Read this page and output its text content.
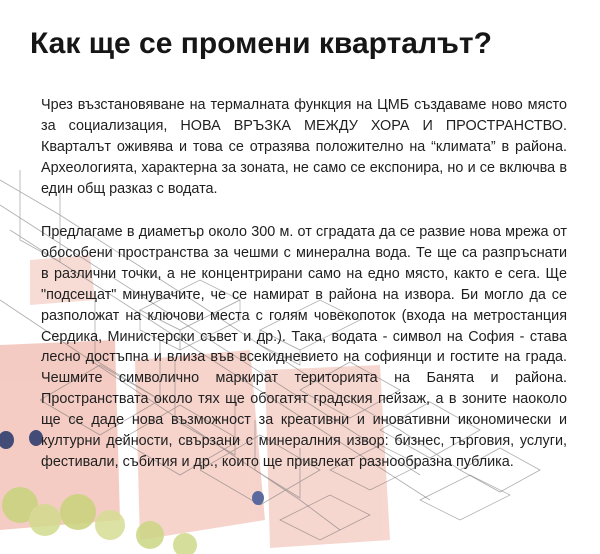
Как ще се промени кварталът?

Чрез възстановяване на термалната функция на ЦМБ създаваме ново място за социализация, НОВА ВРЪЗКА МЕЖДУ ХОРА И ПРОСТРАНСТВО. Кварталът оживява и това се отразява положително на “климата” в района. Археологията, характерна за зоната, не само се експонира, но и се включва в един общ разказ с водата.

Предлагаме в диаметър около 300 м. от сградата да се развие нова мрежа от обособени пространства за чешми с минерална вода. Те ще са разпръснати в различни точки, а не концентрирани само на едно място, както е сега. Ще "подсещат" минувачите, че се намират в района на извора. Би могло да се разположат на ключови места с голям човекопоток (входа на метростанция Сердика, Министерски съвет и др.). Така, водата - символ на София - става лесно достъпна и влиза във всекидневието на софиянци и гостите на града. Чешмите символично маркират територията на Банята и района. Пространствата около тях ще обогатят градския пейзаж, а в зоните наоколо ще се даде нова възможност за креативни и иновативни икономически и културни дейности, свързани с минералния извор: бизнес, търговия, услуги, фестивали, събития и др., които ще привлекат разнообразна публика.
